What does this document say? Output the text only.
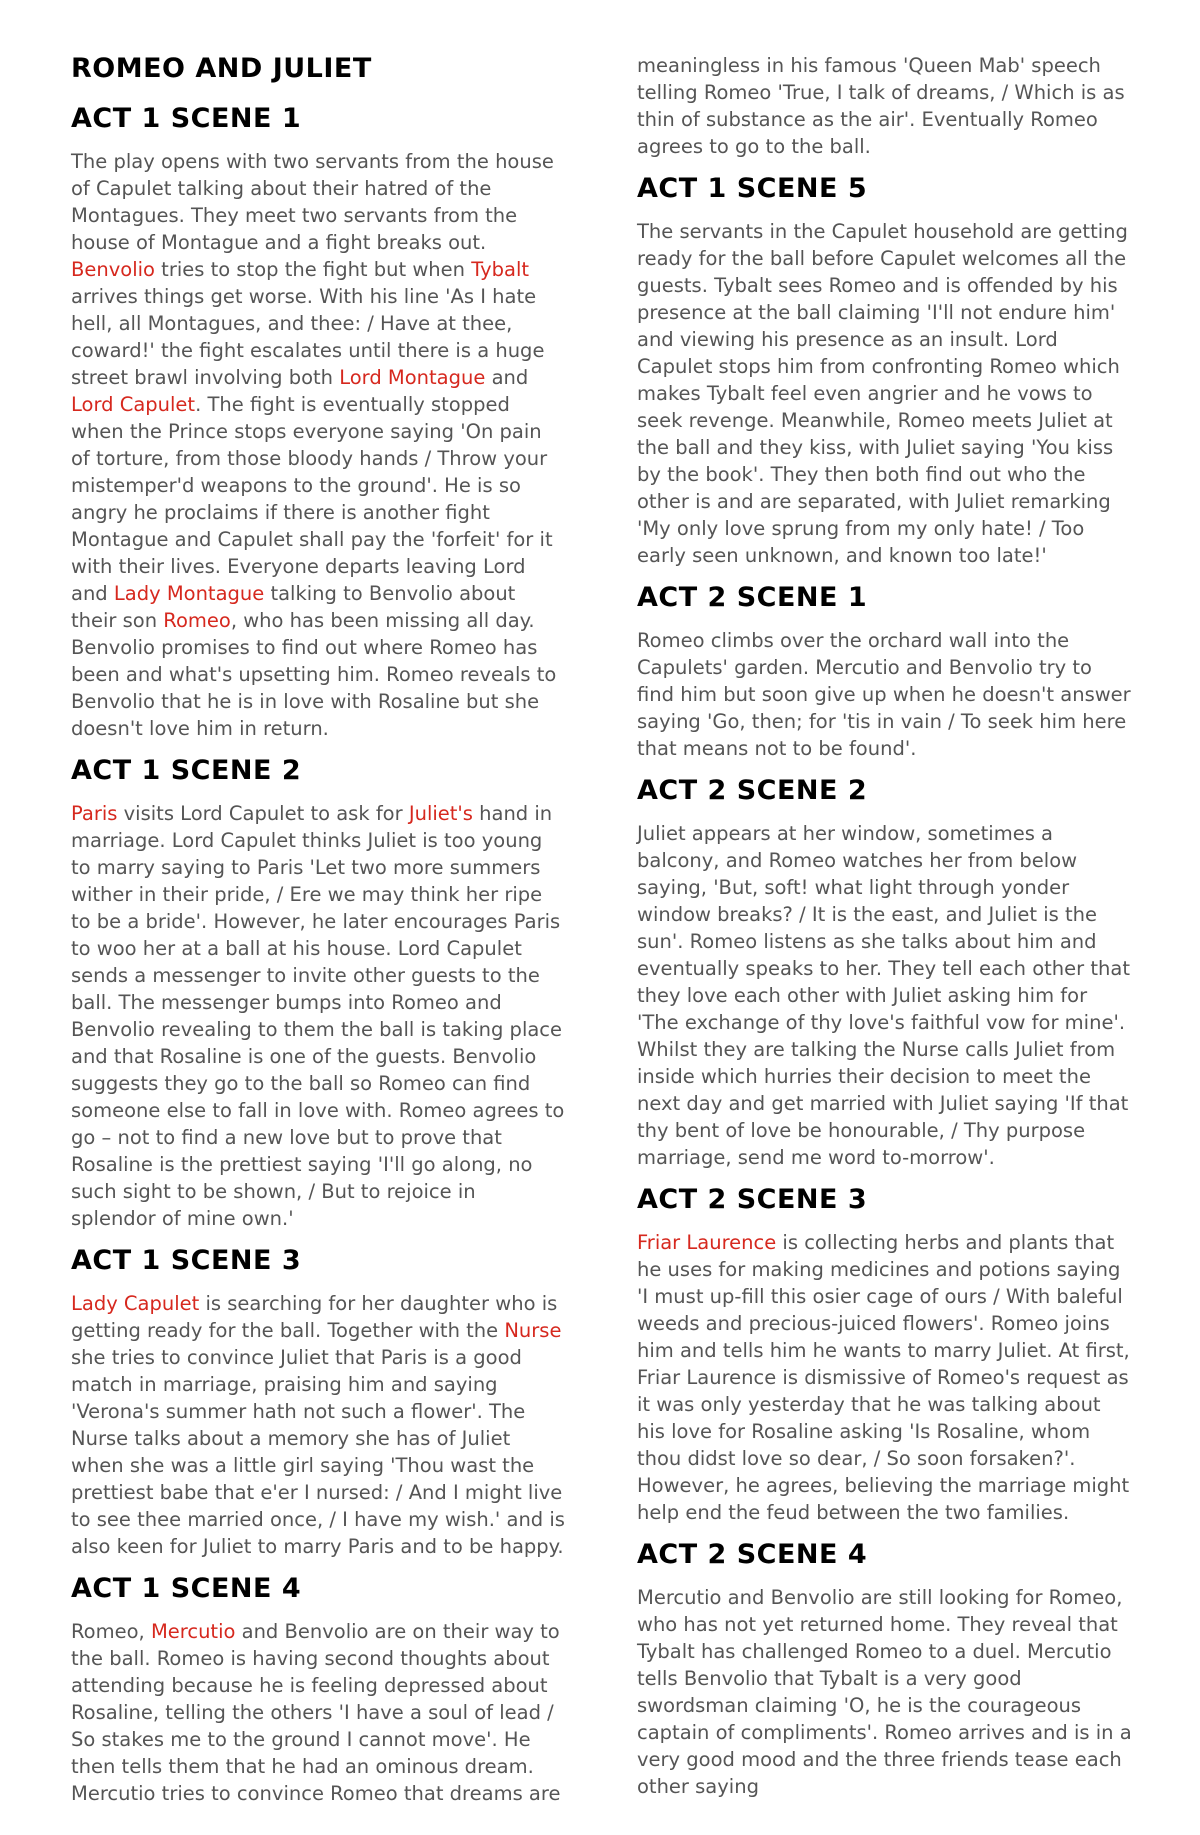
ROMEO AND JULIET
ACT 1 SCENE 1

The play opens with two servants from the house of Capulet talking about their hatred of the Montagues. They meet two servants from the house of Montague and a fight breaks out. Benvolio tries to stop the fight but when Tybalt arrives things get worse. With his line 'As I hate hell, all Montagues, and thee: / Have at thee, coward!' the fight escalates until there is a huge street brawl involving both Lord Montague and Lord Capulet. The fight is eventually stopped when the Prince stops everyone saying 'On pain of torture, from those bloody hands / Throw your mistemper'd weapons to the ground'. He is so angry he proclaims if there is another fight Montague and Capulet shall pay the 'forfeit' for it with their lives. Everyone departs leaving Lord and Lady Montague talking to Benvolio about their son Romeo, who has been missing all day. Benvolio promises to find out where Romeo has been and what's upsetting him. Romeo reveals to Benvolio that he is in love with Rosaline but she doesn't love him in return.

ACT 1 SCENE 2

Paris visits Lord Capulet to ask for Juliet's hand in marriage. Lord Capulet thinks Juliet is too young to marry saying to Paris 'Let two more summers wither in their pride, / Ere we may think her ripe to be a bride'. However, he later encourages Paris to woo her at a ball at his house. Lord Capulet sends a messenger to invite other guests to the ball. The messenger bumps into Romeo and Benvolio revealing to them the ball is taking place and that Rosaline is one of the guests. Benvolio suggests they go to the ball so Romeo can find someone else to fall in love with. Romeo agrees to go – not to find a new love but to prove that Rosaline is the prettiest saying 'I'll go along, no such sight to be shown, / But to rejoice in splendor of mine own.'

ACT 1 SCENE 3

Lady Capulet is searching for her daughter who is getting ready for the ball. Together with the Nurse she tries to convince Juliet that Paris is a good match in marriage, praising him and saying 'Verona's summer hath not such a flower'. The Nurse talks about a memory she has of Juliet when she was a little girl saying 'Thou wast the prettiest babe that e'er I nursed: / And I might live to see thee married once, / I have my wish.' and is also keen for Juliet to marry Paris and to be happy.

ACT 1 SCENE 4

Romeo, Mercutio and Benvolio are on their way to the ball. Romeo is having second thoughts about attending because he is feeling depressed about Rosaline, telling the others 'I have a soul of lead / So stakes me to the ground I cannot move'. He then tells them that he had an ominous dream. Mercutio tries to convince Romeo that dreams are

meaningless in his famous 'Queen Mab' speech telling Romeo 'True, I talk of dreams, / Which is as thin of substance as the air'. Eventually Romeo agrees to go to the ball.

ACT 1 SCENE 5

The servants in the Capulet household are getting ready for the ball before Capulet welcomes all the guests. Tybalt sees Romeo and is offended by his presence at the ball claiming 'I'll not endure him' and viewing his presence as an insult. Lord Capulet stops him from confronting Romeo which makes Tybalt feel even angrier and he vows to seek revenge. Meanwhile, Romeo meets Juliet at the ball and they kiss, with Juliet saying 'You kiss by the book'. They then both find out who the other is and are separated, with Juliet remarking 'My only love sprung from my only hate! / Too early seen unknown, and known too late!'

ACT 2 SCENE 1

Romeo climbs over the orchard wall into the Capulets' garden. Mercutio and Benvolio try to find him but soon give up when he doesn't answer saying 'Go, then; for 'tis in vain / To seek him here that means not to be found'.

ACT 2 SCENE 2

Juliet appears at her window, sometimes a balcony, and Romeo watches her from below saying, 'But, soft! what light through yonder window breaks? / It is the east, and Juliet is the sun'. Romeo listens as she talks about him and eventually speaks to her. They tell each other that they love each other with Juliet asking him for 'The exchange of thy love's faithful vow for mine'. Whilst they are talking the Nurse calls Juliet from inside which hurries their decision to meet the next day and get married with Juliet saying 'If that thy bent of love be honourable, / Thy purpose marriage, send me word to-morrow'.

ACT 2 SCENE 3

Friar Laurence is collecting herbs and plants that he uses for making medicines and potions saying 'I must up-fill this osier cage of ours / With baleful weeds and precious-juiced flowers'. Romeo joins him and tells him he wants to marry Juliet. At first, Friar Laurence is dismissive of Romeo's request as it was only yesterday that he was talking about his love for Rosaline asking 'Is Rosaline, whom thou didst love so dear, / So soon forsaken?'. However, he agrees, believing the marriage might help end the feud between the two families.

ACT 2 SCENE 4

Mercutio and Benvolio are still looking for Romeo, who has not yet returned home. They reveal that Tybalt has challenged Romeo to a duel. Mercutio tells Benvolio that Tybalt is a very good swordsman claiming 'O, he is the courageous captain of compliments'. Romeo arrives and is in a very good mood and the three friends tease each other saying
